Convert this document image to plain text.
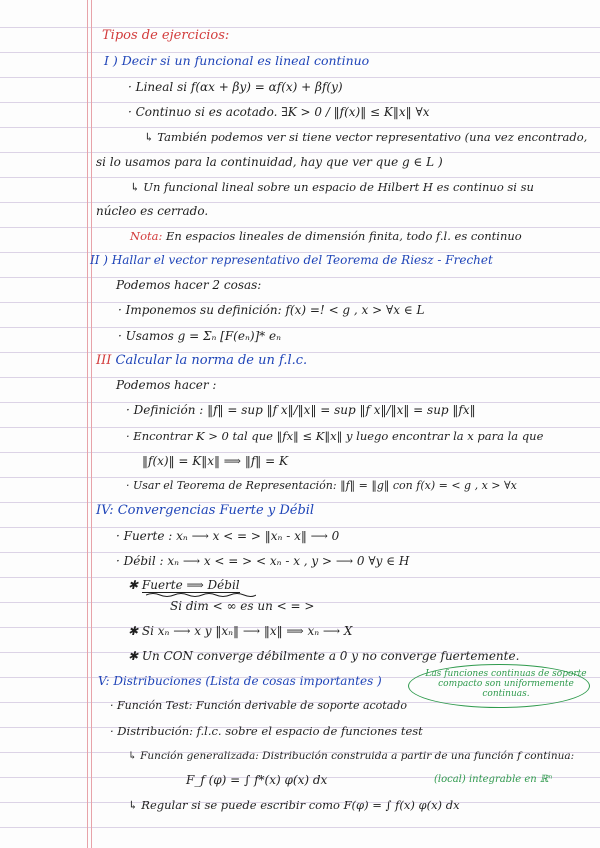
Tipos de ejercicios:
I ) Decir si un funcional es lineal continuo
· Lineal si f(αx + βy) = αf(x) + βf(y)
· Continuo si es acotado. ∃K > 0 / ‖f(x)‖ ≤ K‖x‖ ∀x
↳ También podemos ver si tiene vector representativo (una vez encontrado,
si lo usamos para la continuidad, hay que ver que g ∈ L )
↳ Un funcional lineal sobre un espacio de Hilbert H es continuo si su
núcleo es cerrado.
Nota: En espacios lineales de dimensión finita, todo f.l. es continuo
II ) Hallar el vector representativo del Teorema de Riesz - Frechet
Podemos hacer 2 cosas:
· Imponemos su definición: f(x) =! < g , x > ∀x ∈ L
· Usamos g = Σₙ [F(eₙ)]* eₙ
III Calcular la norma de un f.l.c.
Podemos hacer :
· Definición : ‖f‖ = sup ‖f x‖/‖x‖ = sup ‖f x‖/‖x‖ = sup ‖fx‖
· Encontrar K > 0 tal que ‖fx‖ ≤ K‖x‖ y luego encontrar la x para la que
‖f(x)‖ = K‖x‖ ⟹ ‖f‖ = K
· Usar el Teorema de Representación: ‖f‖ = ‖g‖ con f(x) = < g , x > ∀x
IV: Convergencias Fuerte y Débil
· Fuerte : xₙ ⟶ x < = > ‖xₙ - x‖ ⟶ 0
· Débil : xₙ ⟶ x < = > < xₙ - x , y > ⟶ 0 ∀y ∈ H
✱ Fuerte ⟹ Débil
Si dim < ∞ es un < = >
✱ Si xₙ ⟶ x y ‖xₙ‖ ⟶ ‖x‖ ⟹ xₙ ⟶ X
✱ Un CON converge débilmente a 0 y no converge fuertemente.
V: Distribuciones (Lista de cosas importantes )	Las funciones continuas de soporte compacto son uniformemente continuas.
· Función Test: Función derivable de soporte acotado
· Distribución: f.l.c. sobre el espacio de funciones test
↳ Función generalizada: Distribución construida a partir de una función f continua:
F_f (φ) = ∫ f*(x) φ(x) dx	(local) integrable en ℝⁿ
↳ Regular si se puede escribir como F(φ) = ∫ f(x) φ(x) dx
